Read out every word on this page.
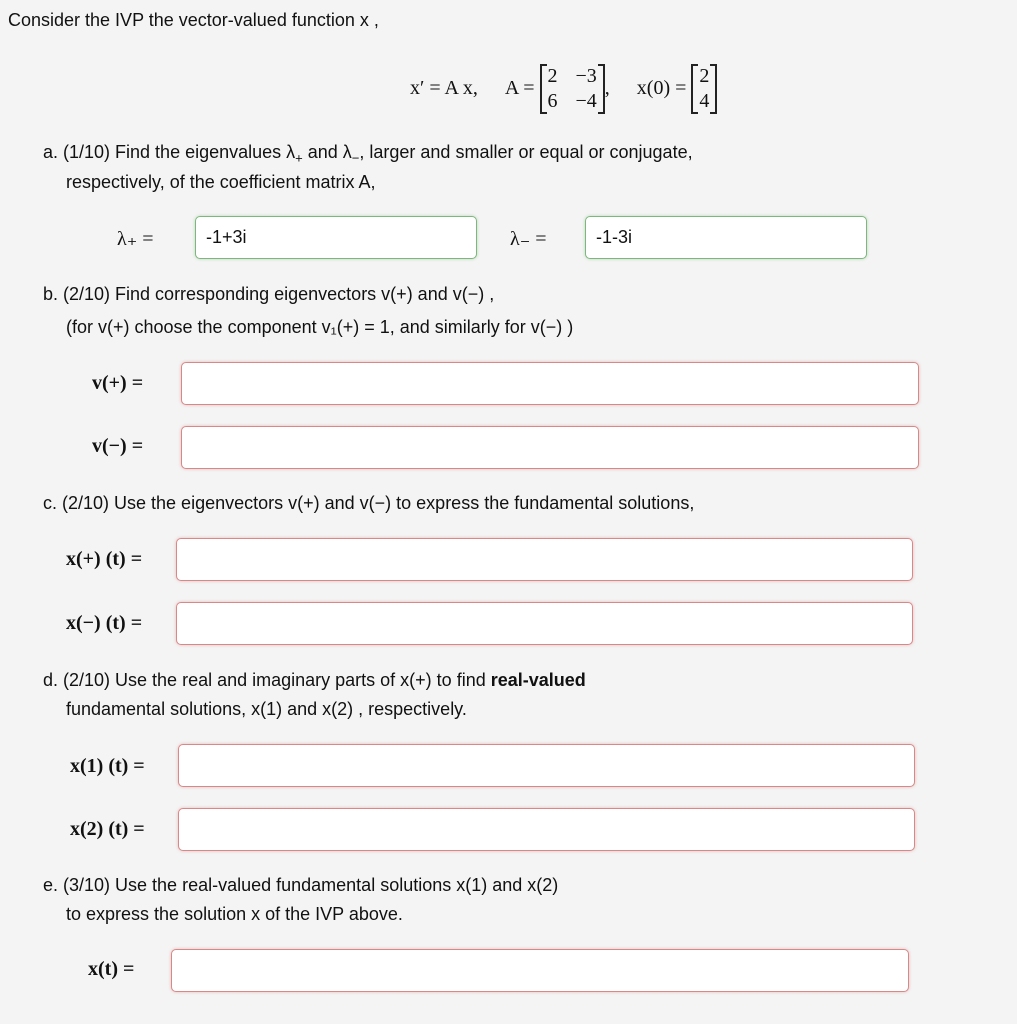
Consider the IVP the vector-valued function x ,
x′ = A x, A =
2 −3
6 −4
, x(0) =
2
4
a. (1/10) Find the eigenvalues $\lambda_+$ and $\lambda_-$, larger and smaller or equal or conjugate,
respectively, of the coefficient matrix A,
λ₊ =	-1+3i	λ₋ =	-1-3i
b. (2/10) Find corresponding eigenvectors v(+) and v(−) ,
(for v(+) choose the component v₁(+) = 1, and similarly for v(−) )
v(+) =
v(−) =
c. (2/10) Use the eigenvectors v(+) and v(−) to express the fundamental solutions,
x(+) (t) =
x(−) (t) =
d. (2/10) Use the real and imaginary parts of x(+) to find real-valued
fundamental solutions, x(1) and x(2) , respectively.
x(1) (t) =
x(2) (t) =
e. (3/10) Use the real-valued fundamental solutions x(1) and x(2)
to express the solution x of the IVP above.
x(t) =
